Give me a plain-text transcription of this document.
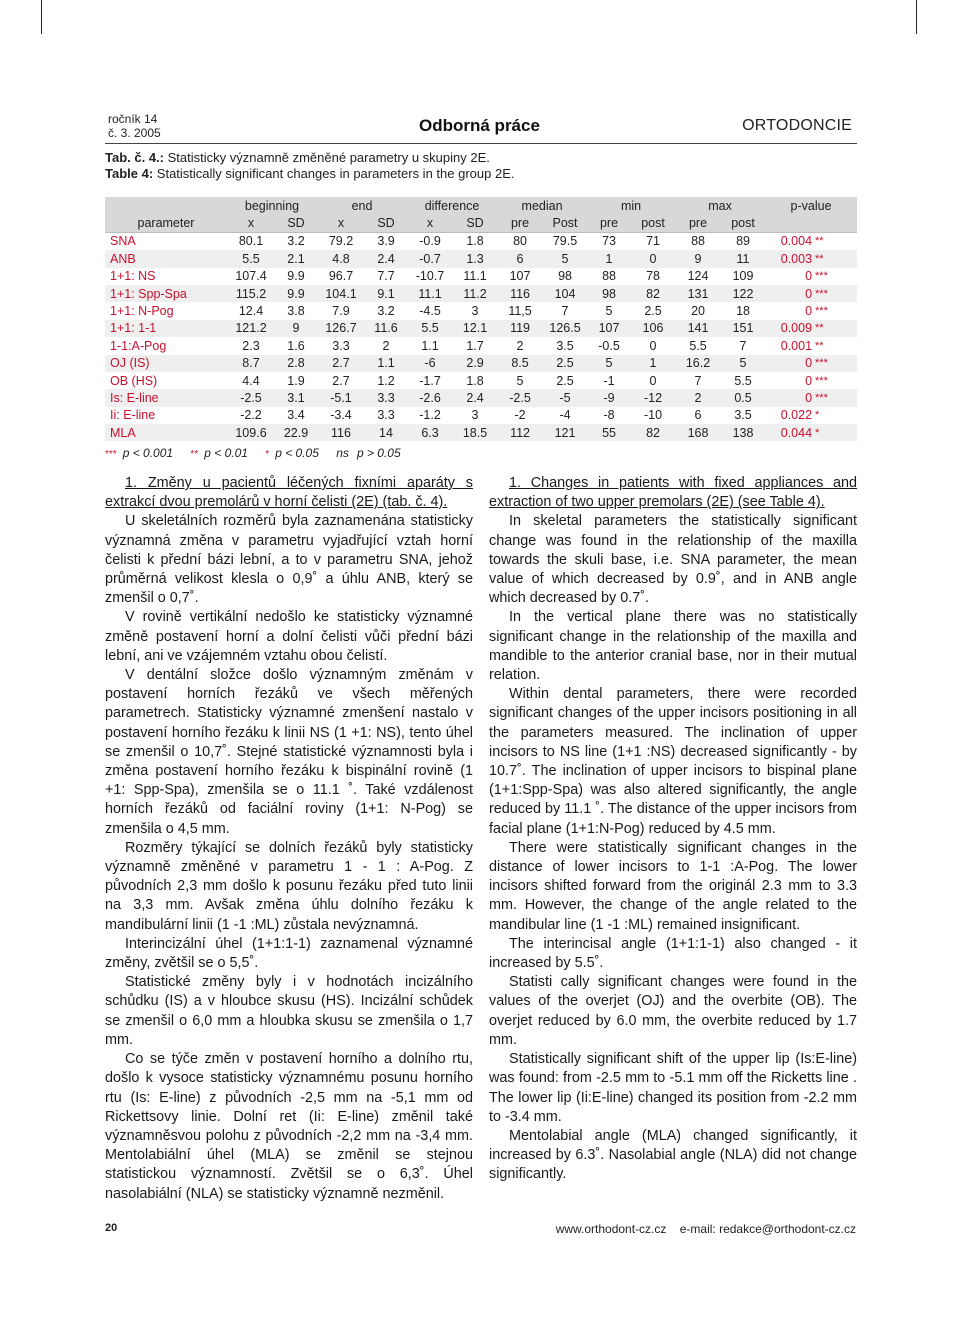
ročník 14
č. 3. 2005	Odborná práce	ORTODONCIE
Tab. č. 4.: Statisticky významně změněné parametry u skupiny 2E.
Table 4: Statistically significant changes in parameters in the group 2E.
	beginning		end		difference		median		min		max		p-value	
parameter	x	SD	x	SD	x	SD	pre	Post	pre	post	pre	post		
SNA	80.1	3.2	79.2	3.9	-0.9	1.8	80	79.5	73	71	88	89	0.004	**
ANB	5.5	2.1	4.8	2.4	-0.7	1.3	6	5	1	0	9	11	0.003	**
1+1: NS	107.4	9.9	96.7	7.7	-10.7	11.1	107	98	88	78	124	109	0	***
1+1: Spp-Spa	115.2	9.9	104.1	9.1	11.1	11.2	116	104	98	82	131	122	0	***
1+1: N-Pog	12.4	3.8	7.9	3.2	-4.5	3	11,5	7	5	2.5	20	18	0	***
1+1: 1-1	121.2	9	126.7	11.6	5.5	12.1	119	126.5	107	106	141	151	0.009	**
1-1:A-Pog	2.3	1.6	3.3	2	1.1	1.7	2	3.5	-0.5	0	5.5	7	0.001	**
OJ (IS)	8.7	2.8	2.7	1.1	-6	2.9	8.5	2.5	5	1	16.2	5	0	***
OB (HS)	4.4	1.9	2.7	1.2	-1.7	1.8	5	2.5	-1	0	7	5.5	0	***
Is: E-line	-2.5	3.1	-5.1	3.3	-2.6	2.4	-2.5	-5	-9	-12	2	0.5	0	***
Ii: E-line	-2.2	3.4	-3.4	3.3	-1.2	3	-2	-4	-8	-10	6	3.5	0.022	*
MLA	109.6	22.9	116	14	6.3	18.5	112	121	55	82	168	138	0.044	*
*** p < 0.001 ** p < 0.01 * p < 0.05 ns p > 0.05

1. Změny u pacientů léčených fixními aparáty s extrakcí dvou premolárů v horní čelisti (2E) (tab. č. 4).

U skeletálních rozměrů byla zaznamenána statisticky významná změna v parametru vyjadřující vztah horní čelisti k přední bázi lební, a to v parametru SNA, jehož průměrná velikost klesla o 0,9˚ a úhlu ANB, který se zmenšil o 0,7˚.

V rovině vertikální nedošlo ke statisticky významné změně postavení horní a dolní čelisti vůči přední bázi lební, ani ve vzájemném vztahu obou čelistí.

V dentální složce došlo významným změnám v postavení horních řezáků ve všech měřených parametrech. Statisticky významné zmenšení nastalo v postavení horního řezáku k linii NS (1 +1: NS), tento úhel se zmenšil o 10,7˚. Stejné statistické významnosti byla i změna postavení horního řezáku k bispinální rovině (1 +1: Spp-Spa), zmenšila se o 11.1 ˚. Také vzdálenost horních řezáků od faciální roviny (1+1: N-Pog) se zmenšila o 4,5 mm.

Rozměry týkající se dolních řezáků byly statisticky významně změněné v parametru 1 - 1 : A-Pog. Z původních 2,3 mm došlo k posunu řezáku před tuto linii na 3,3 mm. Avšak změna úhlu dolního řezáku k mandibulární linii (1 -1 :ML) zůstala nevýznamná.

Interincizální úhel (1+1:1-1) zaznamenal významné změny, zvětšil se o 5,5˚.

Statistické změny byly i v hodnotách incizálního schůdku (IS) a v hloubce skusu (HS). Incizální schůdek se zmenšil o 6,0 mm a hloubka skusu se zmenšila o 1,7 mm.

Co se týče změn v postavení horního a dolního rtu, došlo k vysoce statisticky významnému posunu horního rtu (Is: E-line) z původních -2,5 mm na -5,1 mm od Rickettsovy linie. Dolní ret (Ii: E-line) změnil také významněsvou polohu z původních -2,2 mm na -3,4 mm. Mentolabiální úhel (MLA) se změnil se stejnou statistickou významností. Zvětšil se o 6,3˚. Úhel nasolabiální (NLA) se statisticky významně nezměnil.

1. Changes in patients with fixed appliances and extraction of two upper premolars (2E) (see Table 4).

In skeletal parameters the statistically significant change was found in the relationship of the maxilla towards the skuli base, i.e. SNA parameter, the mean value of which decreased by 0.9˚, and in ANB angle which decreased by 0.7˚.

In the vertical plane there was no statistically significant change in the relationship of the maxilla and mandible to the anterior cranial base, nor in their mutual relation.

Within dental parameters, there were recorded significant changes of the upper incisors positioning in all the parameters measured. The inclination of upper incisors to NS line (1+1 :NS) decreased significantly - by 10.7˚. The inclination of upper incisors to bispinal plane (1+1:Spp-Spa) was also altered significantly, the angle reduced by 11.1 ˚. The distance of the upper incisors from facial plane (1+1:N-Pog) reduced by 4.5 mm.

There were statistically significant changes in the distance of lower incisors to 1-1 :A-Pog. The lower incisors shifted forward from the originál 2.3 mm to 3.3 mm. However, the change of the angle related to the mandibular line (1 -1 :ML) remained insignificant.

The interincisal angle (1+1:1-1) also changed - it increased by 5.5˚.

Statisti cally significant changes were found in the values of the overjet (OJ) and the overbite (OB). The overjet reduced by 6.0 mm, the overbite reduced by 1.7 mm.

Statistically significant shift of the upper lip (Is:E-line) was found: from -2.5 mm to -5.1 mm off the Ricketts line . The lower lip (Ii:E-line) changed its position from -2.2 mm to -3.4 mm.

Mentolabial angle (MLA) changed significantly, it increased by 6.3˚. Nasolabial angle (NLA) did not change significantly.

20	www.orthodont-cz.cz e-mail: redakce@orthodont-cz.cz
